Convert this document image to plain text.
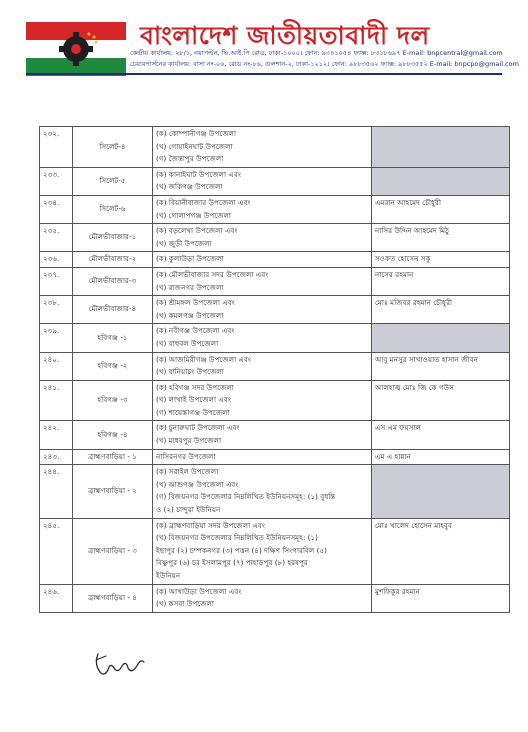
বাংলাদেশ জাতীয়তাবাদী দল
কেন্দ্রীয় কার্যালয়: ২৮/১, নয়াপল্টন, ভি.আই.পি রোড, ঢাকা-১০০০। ফোন: ৯৩৪১০৫৪ ফ্যাক্স: ৮৩১৮৬৯৭ E-mail: bnpcentral@gmail.com
চেয়ারপার্সনের কার্যালয়: বাসা নং-০৬, রোড নং-৮৬, গুলশান-২, ঢাকা-১২১২। ফোন: ৯৮৮৩৫৬২ ফ্যাক্স: ৯৮৮৩৫৫২ E-mail: bnpcpo@gmail.com
২৩২.	সিলেট-৪	(ক) কোম্পানীগঞ্জ উপজেলা
(খ) গোয়াইনঘাট উপজেলা
(গ) জৈন্তাপুর উপজেলা	

২৩৩.	সিলেট-৫	(ক) কানাইঘাট উপজেলা এবং
(খ) জকিগঞ্জ উপজেলা	

২৩৪.	সিলেট-৬	(ক) বিয়ানীবাজার উপজেলা এবং
(খ) গোলাপগঞ্জ উপজেলা	এমরান আহমেদ চৌধুরী
২৩৫.	মৌলভীবাজার-১	(ক) বড়লেখা উপজেলা এবং
(খ) জুড়ী উপজেলা	নাসির উদ্দিন আহমেদ মিঠু
২৩৬.	মৌলভীবাজার-২	(ক) কুলাউড়া উপজেলা	সওকত হোসেন সকু
২৩৭.	মৌলভীবাজার-৩	(ক) মৌলভীবাজার সদর উপজেলা এবং
(খ) রাজনগর উপজেলা	নাসের রহমান
২৩৮.	মৌলভীবাজার-৪	(ক) শ্রীমঙ্গল উপজেলা এবং
(খ) কমলগঞ্জ উপজেলা	মোঃ মজিবর রহমান চৌধুরী
২৩৯.	হবিগঞ্জ -১	(ক) নবীগঞ্জ উপজেলা এবং
(খ) বাহুবল উপজেলা	

২৪০.	হবিগঞ্জ -২	(ক) আজমিরীগঞ্জ উপজেলা এবং
(খ) বানিয়াচং উপজেলা	আবু মনসুর সাখাওয়াত হাসান জীবন
২৪১.	হবিগঞ্জ -৩	(ক) হবিগঞ্জ সদর উপজেলা
(খ) লাখাই উপজেলা এবং
(গ) শায়েস্তাগঞ্জ উপজেলা	আলহাজ্ব মোঃ জি কে গউস
২৪২.	হবিগঞ্জ -৪	(ক) চুনারুঘাট উপজেলা এবং
(খ) মাধবপুর উপজেলা	এস এম ফয়সাল
২৪৩.	ব্রাহ্মণবাড়িয়া - ১	নাসিরনগর উপজেলা	এম এ হান্নান
২৪৪.	ব্রাহ্মণবাড়িয়া - ২	(ক) সরাইল উপজেলা
(খ) আশুগঞ্জ উপজেলা এবং
(গ) বিজয়নগর উপজেলার নিম্নলিখিত ইউনিয়নসমূহ: (১) বুধন্তি
ও (২) চান্দুরা ইউনিয়ন	

২৪৫.	ব্রাহ্মণবাড়িয়া - ৩	(ক) ব্রাহ্মণবাড়িয়া সদর উপজেলা এবং
(খ) বিজয়নগর উপজেলার নিম্নলিখিত ইউনিয়নসমূহ: (১)
ইছাপুর (২) চম্পকনগর (৩) পত্তন (৪) দক্ষিণ সিংগারবিল (৫)
বিষ্ণুপুর (৬) চর ইসলামপুর (৭) পাহাড়পুর (৮) হরষপুর
ইউনিয়ন	মোঃ খালেদ হোসেন মাহবুব
২৪৬.	ব্রাহ্মণবাড়িয়া - ৪	(ক) আখাউড়া উপজেলা এবং
(খ) কসবা উপজেলা	মুশফিকুর রহমান
